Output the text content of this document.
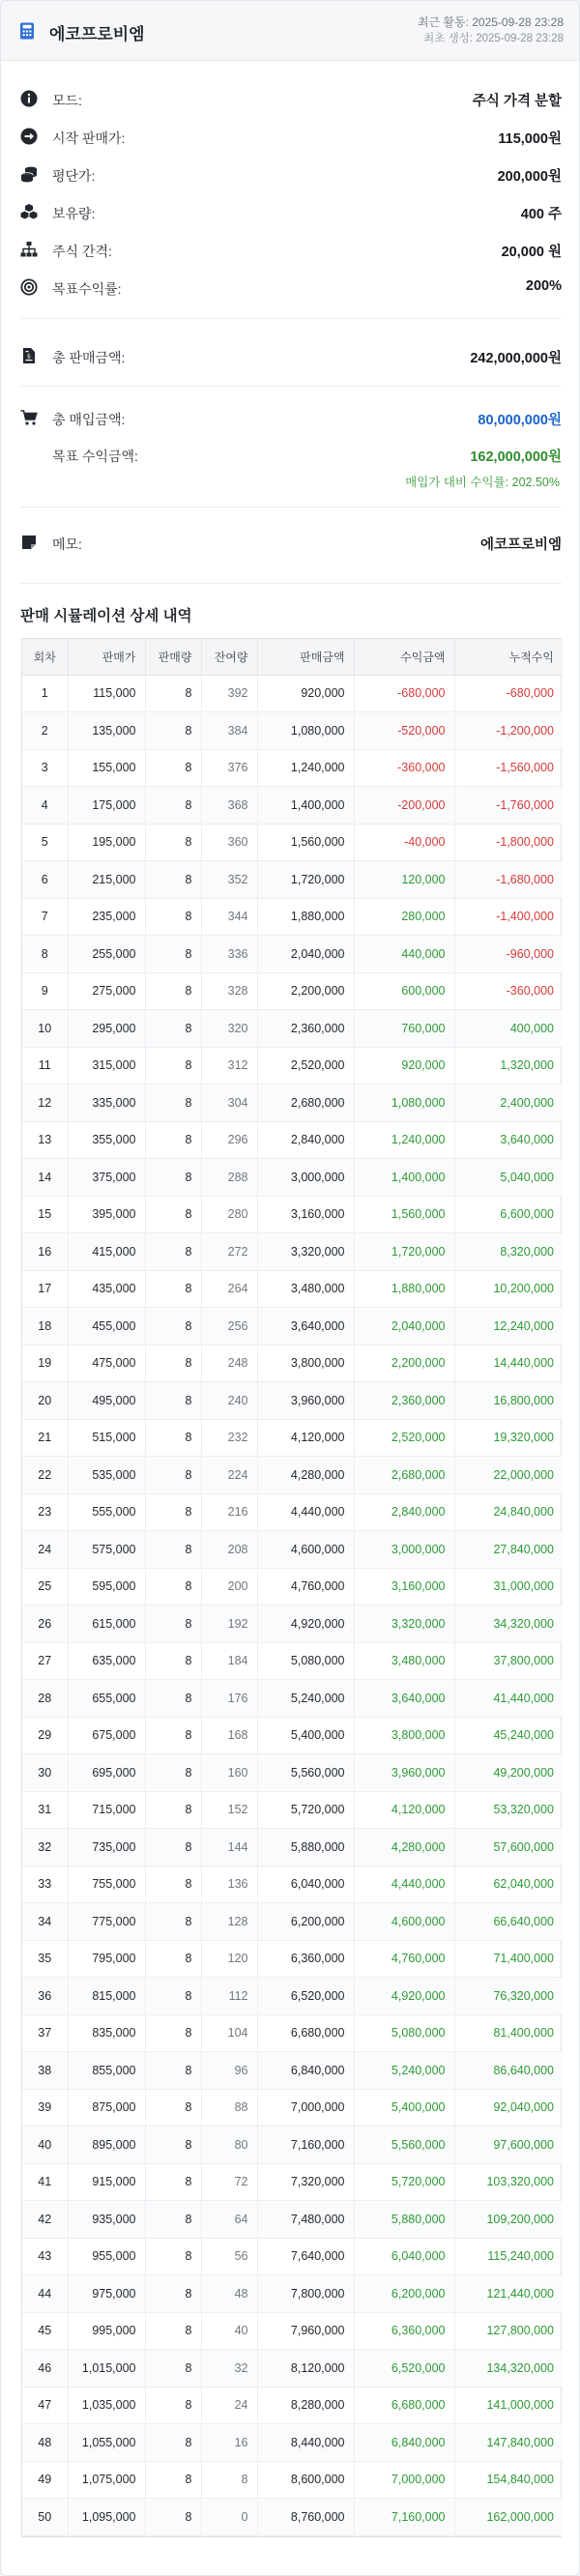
에코프로비엠
최근 활동: 2025-09-28 23:28
최초 생성: 2025-09-28 23:28
모드:	주식 가격 분할
시작 판매가:	115,000원
평단가:	200,000원
보유량:	400 주
주식 간격:	20,000 원
목표수익률:	200%
$ 총 판매금액:	242,000,000원
총 매입금액:	80,000,000원
목표 수익금액:	162,000,000원
매입가 대비 수익률: 202.50%
메모:	에코프로비엠
판매 시뮬레이션 상세 내역
회차	판매가	판매량	잔여량	판매금액	수익금액	누적수익
1	115,000	8	392	920,000	-680,000	-680,000
2	135,000	8	384	1,080,000	-520,000	-1,200,000
3	155,000	8	376	1,240,000	-360,000	-1,560,000
4	175,000	8	368	1,400,000	-200,000	-1,760,000
5	195,000	8	360	1,560,000	-40,000	-1,800,000
6	215,000	8	352	1,720,000	120,000	-1,680,000
7	235,000	8	344	1,880,000	280,000	-1,400,000
8	255,000	8	336	2,040,000	440,000	-960,000
9	275,000	8	328	2,200,000	600,000	-360,000
10	295,000	8	320	2,360,000	760,000	400,000
11	315,000	8	312	2,520,000	920,000	1,320,000
12	335,000	8	304	2,680,000	1,080,000	2,400,000
13	355,000	8	296	2,840,000	1,240,000	3,640,000
14	375,000	8	288	3,000,000	1,400,000	5,040,000
15	395,000	8	280	3,160,000	1,560,000	6,600,000
16	415,000	8	272	3,320,000	1,720,000	8,320,000
17	435,000	8	264	3,480,000	1,880,000	10,200,000
18	455,000	8	256	3,640,000	2,040,000	12,240,000
19	475,000	8	248	3,800,000	2,200,000	14,440,000
20	495,000	8	240	3,960,000	2,360,000	16,800,000
21	515,000	8	232	4,120,000	2,520,000	19,320,000
22	535,000	8	224	4,280,000	2,680,000	22,000,000
23	555,000	8	216	4,440,000	2,840,000	24,840,000
24	575,000	8	208	4,600,000	3,000,000	27,840,000
25	595,000	8	200	4,760,000	3,160,000	31,000,000
26	615,000	8	192	4,920,000	3,320,000	34,320,000
27	635,000	8	184	5,080,000	3,480,000	37,800,000
28	655,000	8	176	5,240,000	3,640,000	41,440,000
29	675,000	8	168	5,400,000	3,800,000	45,240,000
30	695,000	8	160	5,560,000	3,960,000	49,200,000
31	715,000	8	152	5,720,000	4,120,000	53,320,000
32	735,000	8	144	5,880,000	4,280,000	57,600,000
33	755,000	8	136	6,040,000	4,440,000	62,040,000
34	775,000	8	128	6,200,000	4,600,000	66,640,000
35	795,000	8	120	6,360,000	4,760,000	71,400,000
36	815,000	8	112	6,520,000	4,920,000	76,320,000
37	835,000	8	104	6,680,000	5,080,000	81,400,000
38	855,000	8	96	6,840,000	5,240,000	86,640,000
39	875,000	8	88	7,000,000	5,400,000	92,040,000
40	895,000	8	80	7,160,000	5,560,000	97,600,000
41	915,000	8	72	7,320,000	5,720,000	103,320,000
42	935,000	8	64	7,480,000	5,880,000	109,200,000
43	955,000	8	56	7,640,000	6,040,000	115,240,000
44	975,000	8	48	7,800,000	6,200,000	121,440,000
45	995,000	8	40	7,960,000	6,360,000	127,800,000
46	1,015,000	8	32	8,120,000	6,520,000	134,320,000
47	1,035,000	8	24	8,280,000	6,680,000	141,000,000
48	1,055,000	8	16	8,440,000	6,840,000	147,840,000
49	1,075,000	8	8	8,600,000	7,000,000	154,840,000
50	1,095,000	8	0	8,760,000	7,160,000	162,000,000
